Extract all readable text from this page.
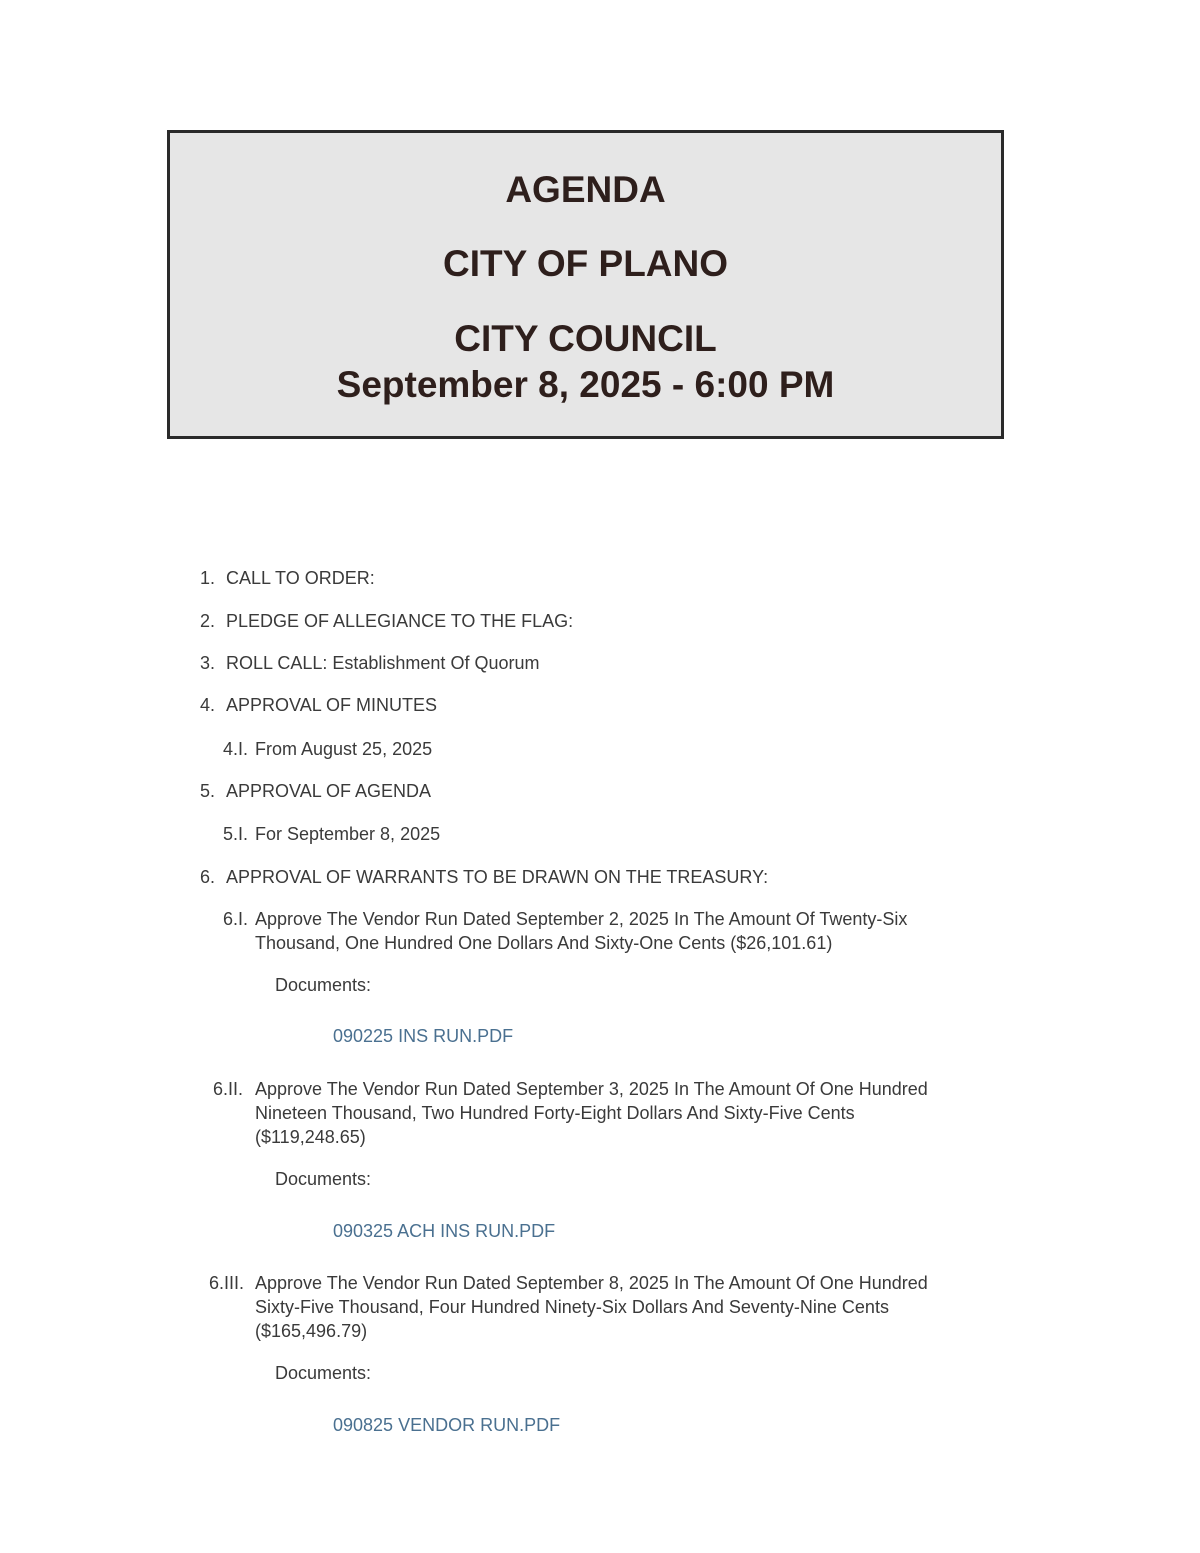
AGENDA
CITY OF PLANO
CITY COUNCIL
September 8, 2025 - 6:00 PM
1. CALL TO ORDER:
2. PLEDGE OF ALLEGIANCE TO THE FLAG:
3. ROLL CALL: Establishment Of Quorum
4. APPROVAL OF MINUTES
4.I. From August 25, 2025
5. APPROVAL OF AGENDA
5.I. For September 8, 2025
6. APPROVAL OF WARRANTS TO BE DRAWN ON THE TREASURY:
6.I. Approve The Vendor Run Dated September 2, 2025 In The Amount Of Twenty-Six
Thousand, One Hundred One Dollars And Sixty-One Cents ($26,101.61)
Documents:
090225 INS RUN.PDF
6.II. Approve The Vendor Run Dated September 3, 2025 In The Amount Of One Hundred
Nineteen Thousand, Two Hundred Forty-Eight Dollars And Sixty-Five Cents
($119,248.65)
Documents:
090325 ACH INS RUN.PDF
6.III. Approve The Vendor Run Dated September 8, 2025 In The Amount Of One Hundred
Sixty-Five Thousand, Four Hundred Ninety-Six Dollars And Seventy-Nine Cents
($165,496.79)
Documents:
090825 VENDOR RUN.PDF
